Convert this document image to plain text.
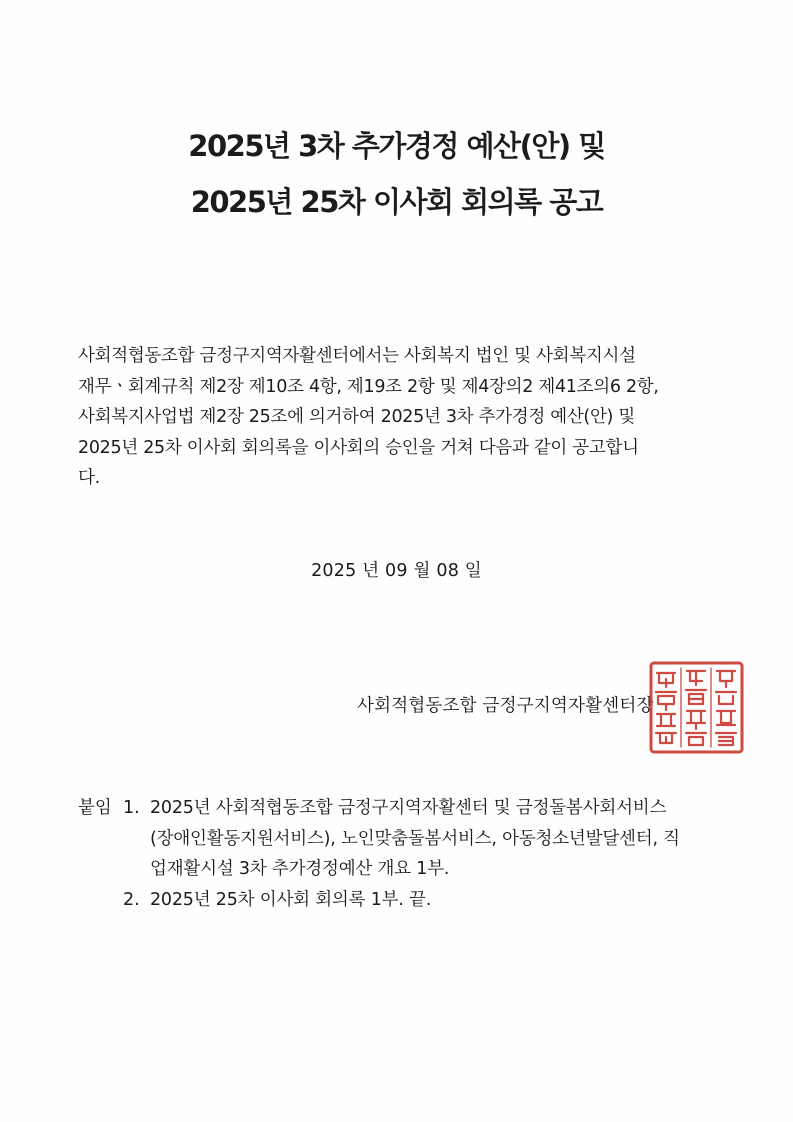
2025년 3차 추가경정 예산(안) 및
2025년 25차 이사회 회의록 공고
사회적협동조합 금정구지역자활센터에서는 사회복지 법인 및 사회복지시설
재무ㆍ회계규칙 제2장 제10조 4항, 제19조 2항 및 제4장의2 제41조의6 2항,
사회복지사업법 제2장 25조에 의거하여 2025년 3차 추가경정 예산(안) 및
2025년 25차 이사회 회의록을 이사회의 승인을 거쳐 다음과 같이 공고합니
다.
2025 년 09 월 08 일
사회적협동조합 금정구지역자활센터장
붙임 1. 2025년 사회적협동조합 금정구지역자활센터 및 금정돌봄사회서비스
(장애인활동지원서비스), 노인맞춤돌봄서비스, 아동청소년발달센터, 직
업재활시설 3차 추가경정예산 개요 1부.
2. 2025년 25차 이사회 회의록 1부. 끝.
